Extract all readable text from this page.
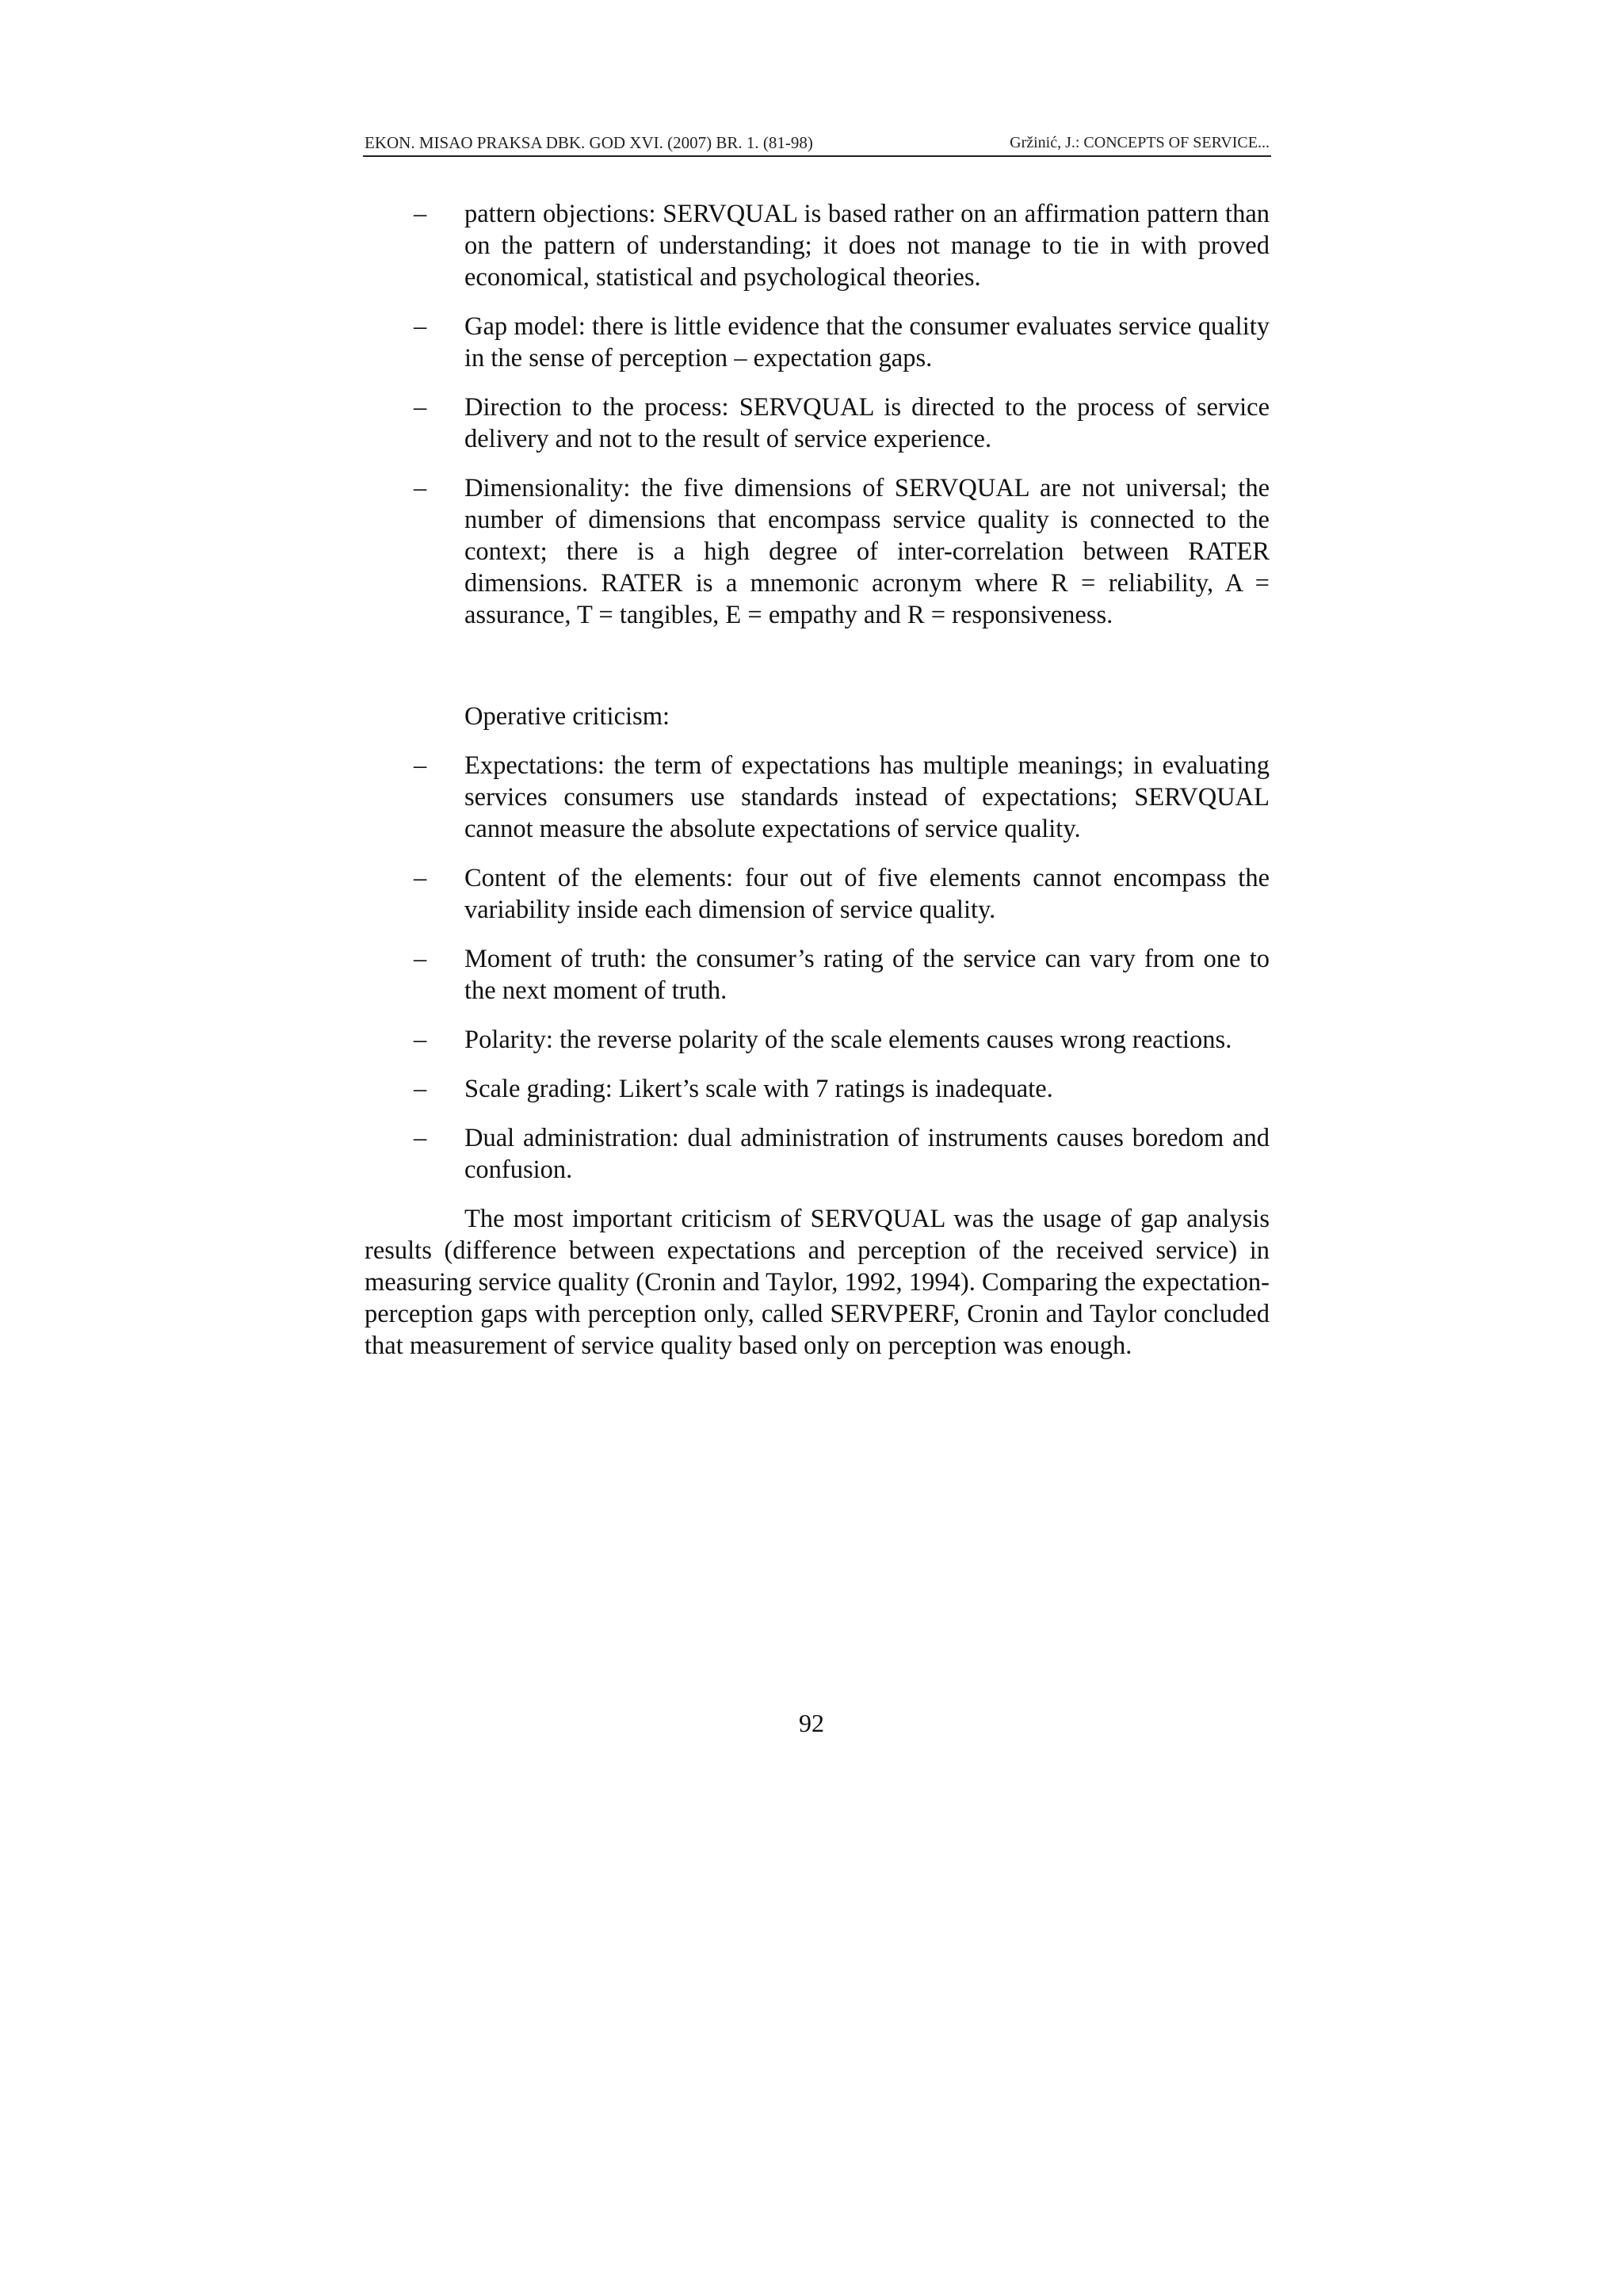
EKON. MISAO PRAKSA DBK. GOD XVI. (2007) BR. 1. (81-98)	Gržinić, J.: CONCEPTS OF SERVICE...
– pattern objections: SERVQUAL is based rather on an affirmation pattern than on the pattern of understanding; it does not manage to tie in with proved economical, statistical and psychological theories.
– Gap model: there is little evidence that the consumer evaluates service quality in the sense of perception – expectation gaps.
– Direction to the process: SERVQUAL is directed to the process of service delivery and not to the result of service experience.
– Dimensionality: the five dimensions of SERVQUAL are not universal; the number of dimensions that encompass service quality is connected to the context; there is a high degree of inter-correlation between RATER dimensions. RATER is a mnemonic acronym where R = reliability, A = assurance, T = tangibles, E = empathy and R = responsiveness.
Operative criticism:
– Expectations: the term of expectations has multiple meanings; in evaluating services consumers use standards instead of expectations; SERVQUAL cannot measure the absolute expectations of service quality.
– Content of the elements: four out of five elements cannot encompass the variability inside each dimension of service quality.
– Moment of truth: the consumer’s rating of the service can vary from one to the next moment of truth.
– Polarity: the reverse polarity of the scale elements causes wrong reactions.
– Scale grading: Likert’s scale with 7 ratings is inadequate.
– Dual administration: dual administration of instruments causes boredom and confusion.

The most important criticism of SERVQUAL was the usage of gap analysis results (difference between expectations and perception of the received service) in measuring service quality (Cronin and Taylor, 1992, 1994). Comparing the expectation-perception gaps with perception only, called SERVPERF, Cronin and Taylor concluded that measurement of service quality based only on perception was enough.

92
